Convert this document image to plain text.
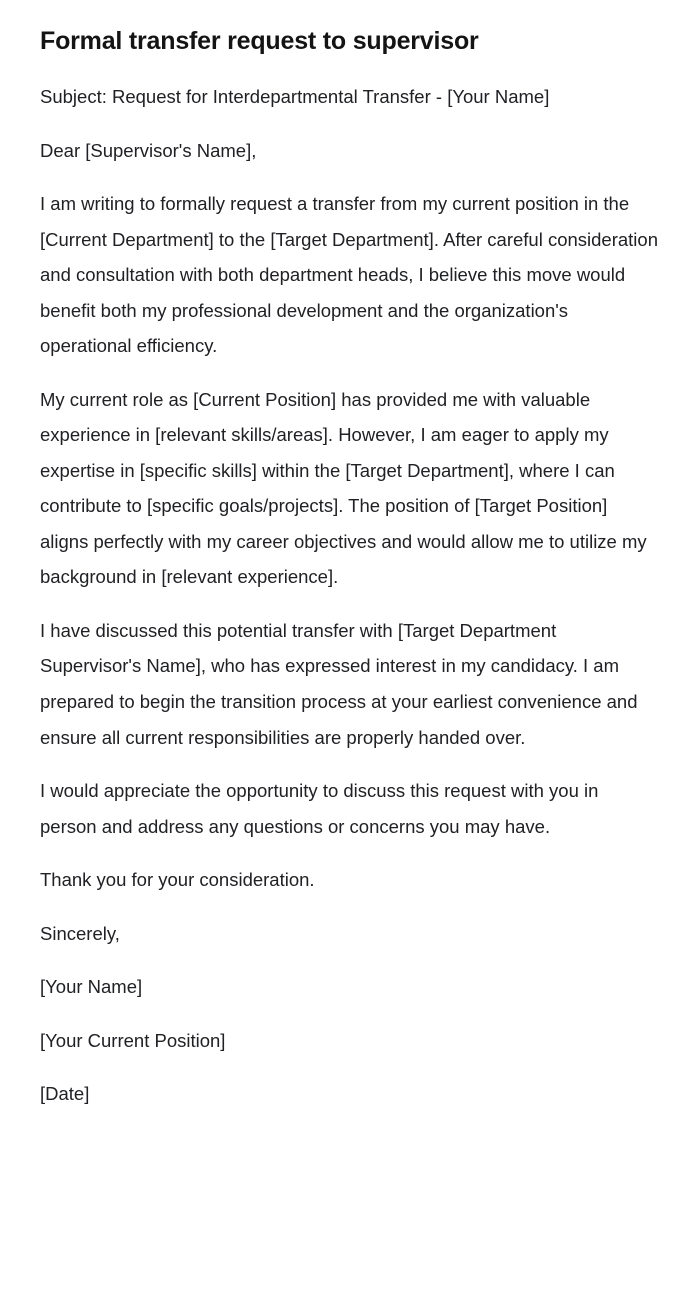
Formal transfer request to supervisor

Subject: Request for Interdepartmental Transfer - [Your Name]

Dear [Supervisor's Name],

I am writing to formally request a transfer from my current position in the [Current Department] to the [Target Department]. After careful consideration and consultation with both department heads, I believe this move would benefit both my professional development and the organization's operational efficiency.

My current role as [Current Position] has provided me with valuable experience in [relevant skills/areas]. However, I am eager to apply my expertise in [specific skills] within the [Target Department], where I can contribute to [specific goals/projects]. The position of [Target Position] aligns perfectly with my career objectives and would allow me to utilize my background in [relevant experience].

I have discussed this potential transfer with [Target Department Supervisor's Name], who has expressed interest in my candidacy. I am prepared to begin the transition process at your earliest convenience and ensure all current responsibilities are properly handed over.

I would appreciate the opportunity to discuss this request with you in person and address any questions or concerns you may have.

Thank you for your consideration.

Sincerely,

[Your Name]

[Your Current Position]

[Date]
